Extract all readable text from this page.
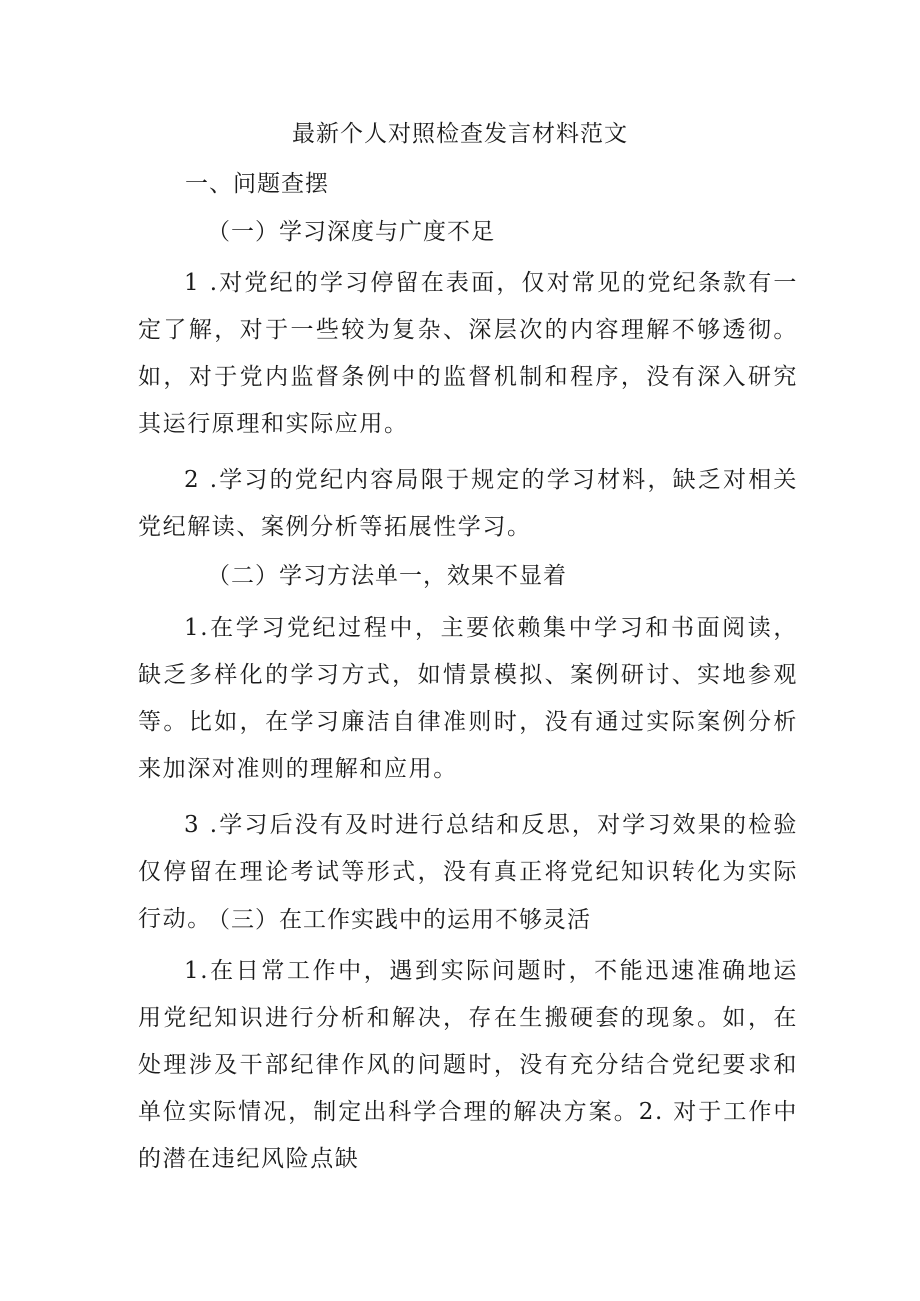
最新个人对照检查发言材料范文
一、问题查摆
（一）学习深度与广度不足

1 .对党纪的学习停留在表面，仅对常见的党纪条款有一定了解，对于一些较为复杂、深层次的内容理解不够透彻。如，对于党内监督条例中的监督机制和程序，没有深入研究其运行原理和实际应用。

2 .学习的党纪内容局限于规定的学习材料，缺乏对相关党纪解读、案例分析等拓展性学习。

（二）学习方法单一，效果不显着

1.在学习党纪过程中，主要依赖集中学习和书面阅读，缺乏多样化的学习方式，如情景模拟、案例研讨、实地参观等。比如，在学习廉洁自律准则时，没有通过实际案例分析来加深对准则的理解和应用。

3 .学习后没有及时进行总结和反思，对学习效果的检验仅停留在理论考试等形式，没有真正将党纪知识转化为实际行动。

（三）在工作实践中的运用不够灵活

1.在日常工作中，遇到实际问题时，不能迅速准确地运用党纪知识进行分析和解决，存在生搬硬套的现象。如，在处理涉及干部纪律作风的问题时，没有充分结合党纪要求和单位实际情况，制定出科学合理的解决方案。2. 对于工作中的潜在违纪风险点缺
